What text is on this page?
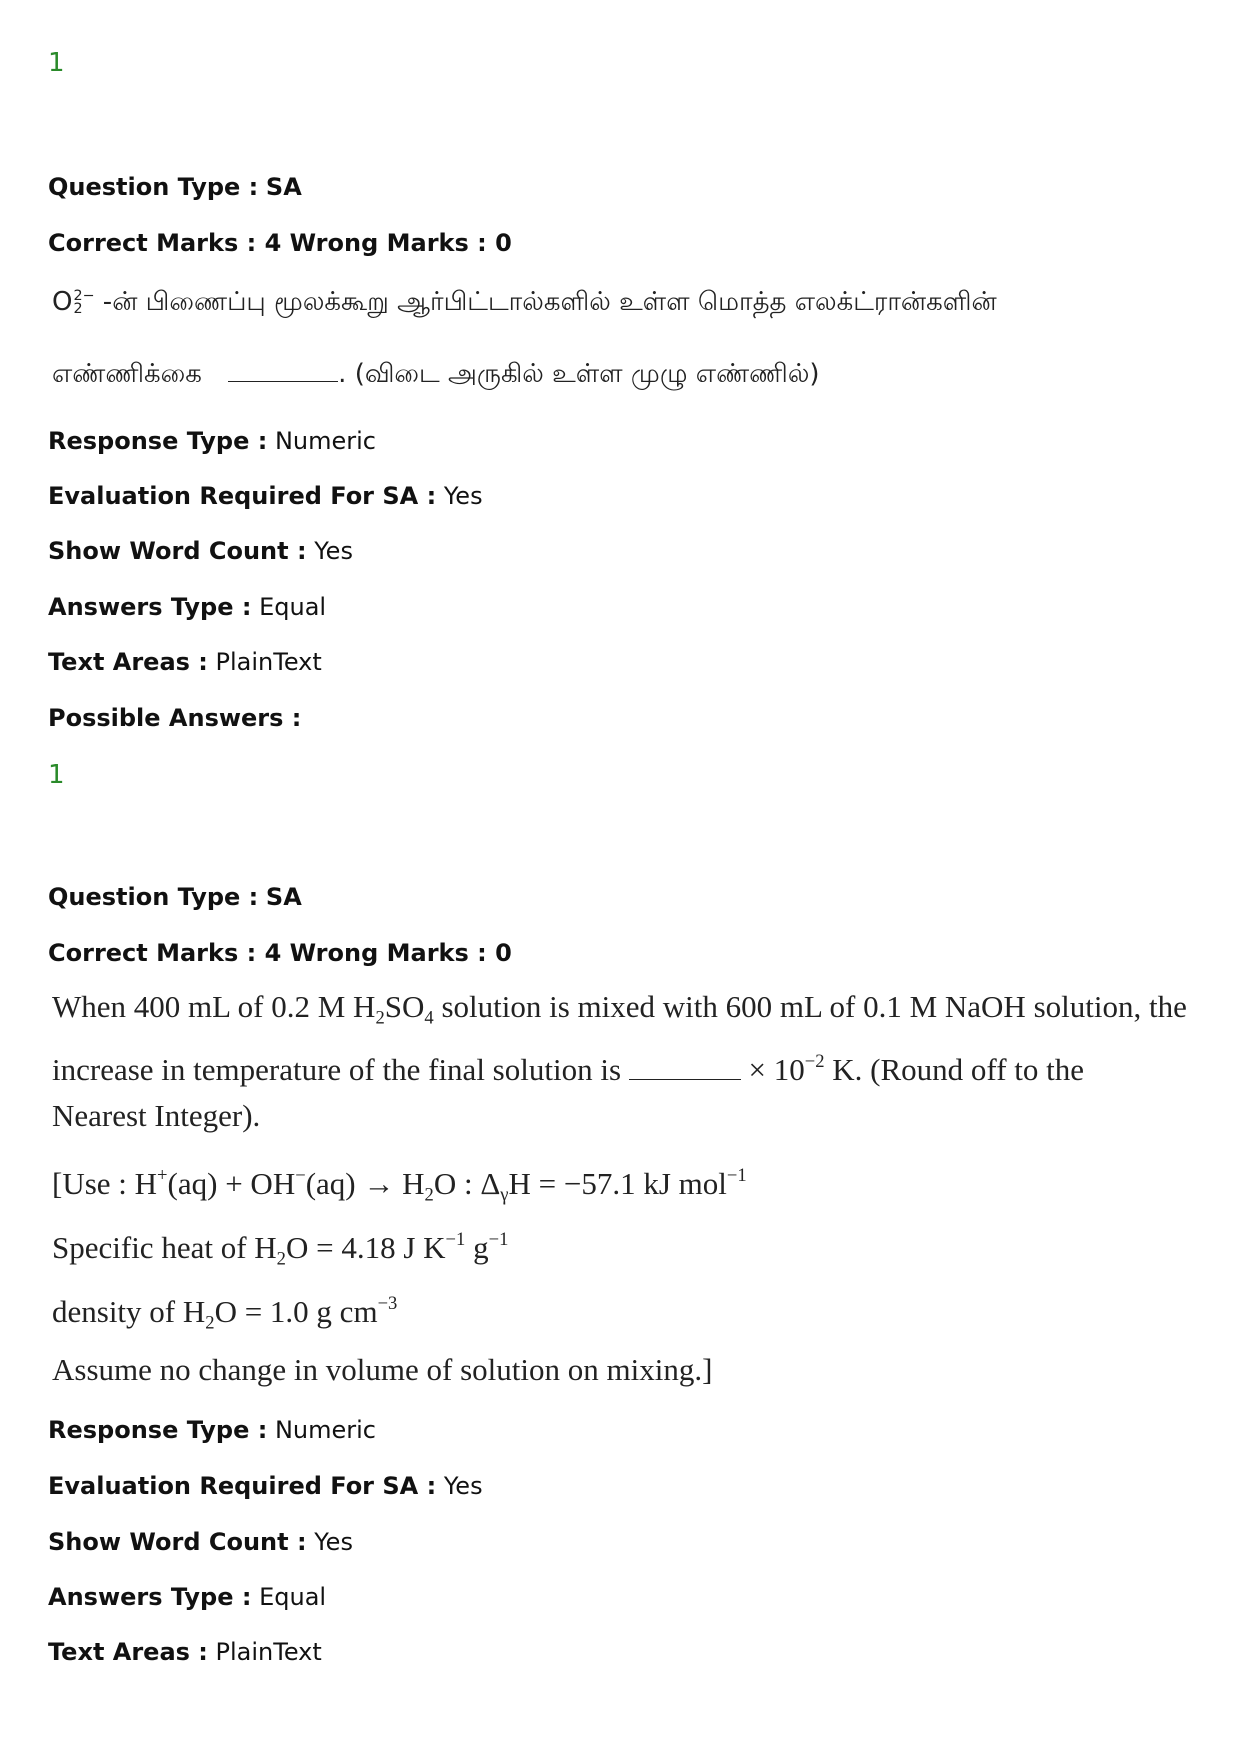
1
Question Type : SA
Correct Marks : 4 Wrong Marks : 0
O 2−
2 -ன் பிணைப்பு மூலக்கூறு ஆர்பிட்டால்களில் உள்ள மொத்த எலக்ட்ரான்களின்
எண்ணிக்கை	. (விடை அருகில் உள்ள முழு எண்ணில்)
Response Type : Numeric
Evaluation Required For SA : Yes
Show Word Count : Yes
Answers Type : Equal
Text Areas : PlainText
Possible Answers :
1
Question Type : SA
Correct Marks : 4 Wrong Marks : 0
When 400 mL of 0.2 M $H_2SO_4$ solution is mixed with 600 mL of 0.1 M NaOH solution, the
increase in temperature of the final solution is	× $10^{-2}$ K. (Round off to the
Nearest Integer).
[Use : $H^+(aq) + OH^-(aq) \to H_2O$ : $\Delta_\gamma H = -57.1$ kJ mol$^{-1}$
Specific heat of $H_2O = 4.18$ J $K^{-1}$ $g^{-1}$
density of $H_2O = 1.0$ g $cm^{-3}$
Assume no change in volume of solution on mixing.]
Response Type : Numeric
Evaluation Required For SA : Yes
Show Word Count : Yes
Answers Type : Equal
Text Areas : PlainText
